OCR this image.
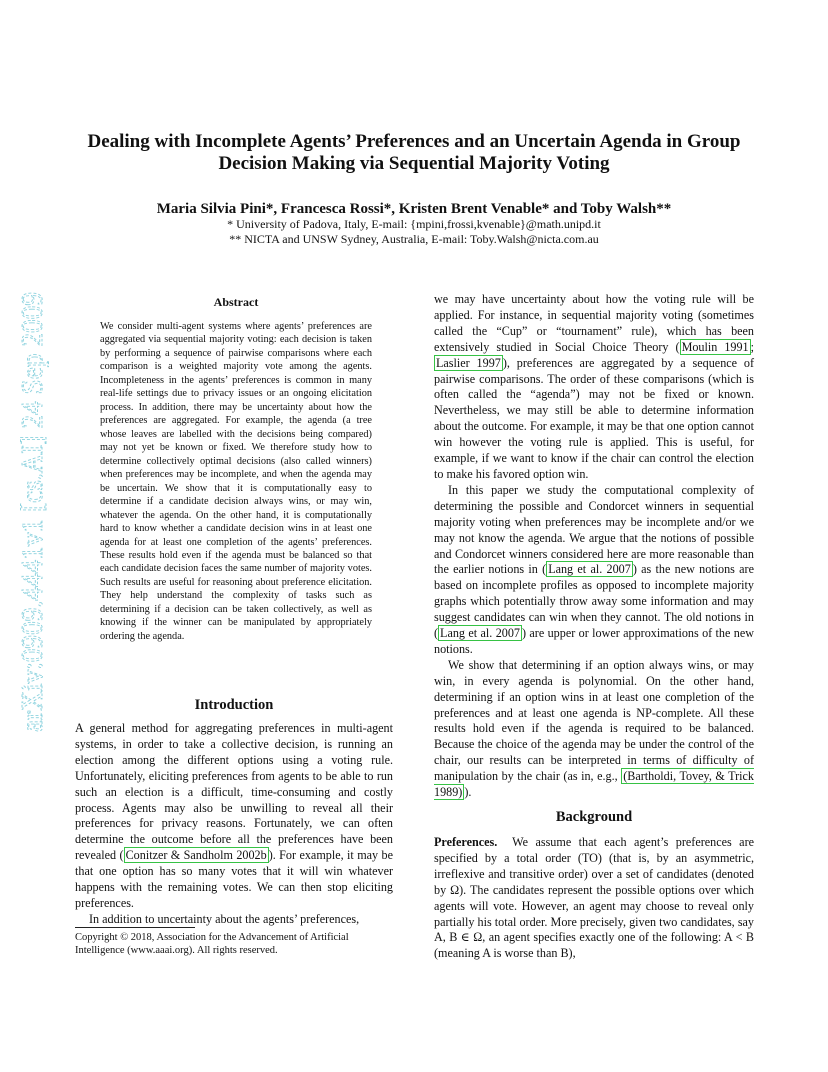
Dealing with Incomplete Agents’ Preferences and an Uncertain Agenda in Group Decision Making via Sequential Majority Voting
Maria Silvia Pini*, Francesca Rossi*, Kristen Brent Venable* and Toby Walsh**
* University of Padova, Italy, E-mail: {mpini,frossi,kvenable}@math.unipd.it
** NICTA and UNSW Sydney, Australia, E-mail: Toby.Walsh@nicta.com.au
arXiv:0909.4441v1 [cs.AI] 24 Sep 2009	Abstract

We consider multi-agent systems where agents’ preferences are aggregated via sequential majority voting: each decision is taken by performing a sequence of pairwise comparisons where each comparison is a weighted majority vote among the agents. Incompleteness in the agents’ preferences is common in many real-life settings due to privacy issues or an ongoing elicitation process. In addition, there may be uncertainty about how the preferences are aggregated. For example, the agenda (a tree whose leaves are labelled with the decisions being compared) may not yet be known or fixed. We therefore study how to determine collectively optimal decisions (also called winners) when preferences may be incomplete, and when the agenda may be uncertain. We show that it is computationally easy to determine if a candidate decision always wins, or may win, whatever the agenda. On the other hand, it is computationally hard to know whether a candidate decision wins in at least one agenda for at least one completion of the agents’ preferences. These results hold even if the agenda must be balanced so that each candidate decision faces the same number of majority votes. Such results are useful for reasoning about preference elicitation. They help understand the complexity of tasks such as determining if a decision can be taken collectively, as well as knowing if the winner can be manipulated by appropriately ordering the agenda.

Introduction

A general method for aggregating preferences in multi-agent systems, in order to take a collective decision, is running an election among the different options using a voting rule. Unfortunately, eliciting preferences from agents to be able to run such an election is a difficult, time-consuming and costly process. Agents may also be unwilling to reveal all their preferences for privacy reasons. Fortunately, we can often determine the outcome before all the preferences have been revealed ( Conitzer & Sandholm 2002b ). For example, it may be that one option has so many votes that it will win whatever happens with the remaining votes. We can then stop eliciting preferences.

In addition to uncertainty about the agents’ preferences,

we may have uncertainty about how the voting rule will be applied. For instance, in sequential majority voting (sometimes called the “Cup” or “tournament” rule), which has been extensively studied in Social Choice Theory ( Moulin 1991 ; Laslier 1997 ), preferences are aggregated by a sequence of pairwise comparisons. The order of these comparisons (which is often called the “agenda”) may not be fixed or known. Nevertheless, we may still be able to determine information about the outcome. For example, it may be that one option cannot win however the voting rule is applied. This is useful, for example, if we want to know if the chair can control the election to make his favored option win.

In this paper we study the computational complexity of determining the possible and Condorcet winners in sequential majority voting when preferences may be incomplete and/or we may not know the agenda. We argue that the notions of possible and Condorcet winners considered here are more reasonable than the earlier notions in ( Lang et al. 2007 ) as the new notions are based on incomplete profiles as opposed to incomplete majority graphs which potentially throw away some information and may suggest candidates can win when they cannot. The old notions in ( Lang et al. 2007 ) are upper or lower approximations of the new notions.

We show that determining if an option always wins, or may win, in every agenda is polynomial. On the other hand, determining if an option wins in at least one completion of the preferences and at least one agenda is NP-complete. All these results hold even if the agenda is required to be balanced. Because the choice of the agenda may be under the control of the chair, our results can be interpreted in terms of difficulty of manipulation by the chair (as in, e.g., (Bartholdi, Tovey, & Trick 1989) ).

Background

Preferences. We assume that each agent’s preferences are specified by a total order (TO) (that is, by an asymmetric, irreflexive and transitive order) over a set of candidates (denoted by Ω). The candidates represent the possible options over which agents will vote. However, an agent may choose to reveal only partially his total order. More precisely, given two candidates, say A, B ∈ Ω, an agent specifies exactly one of the following: A < B (meaning A is worse than B),

Copyright © 2018, Association for the Advancement of Artificial Intelligence (www.aaai.org). All rights reserved.
